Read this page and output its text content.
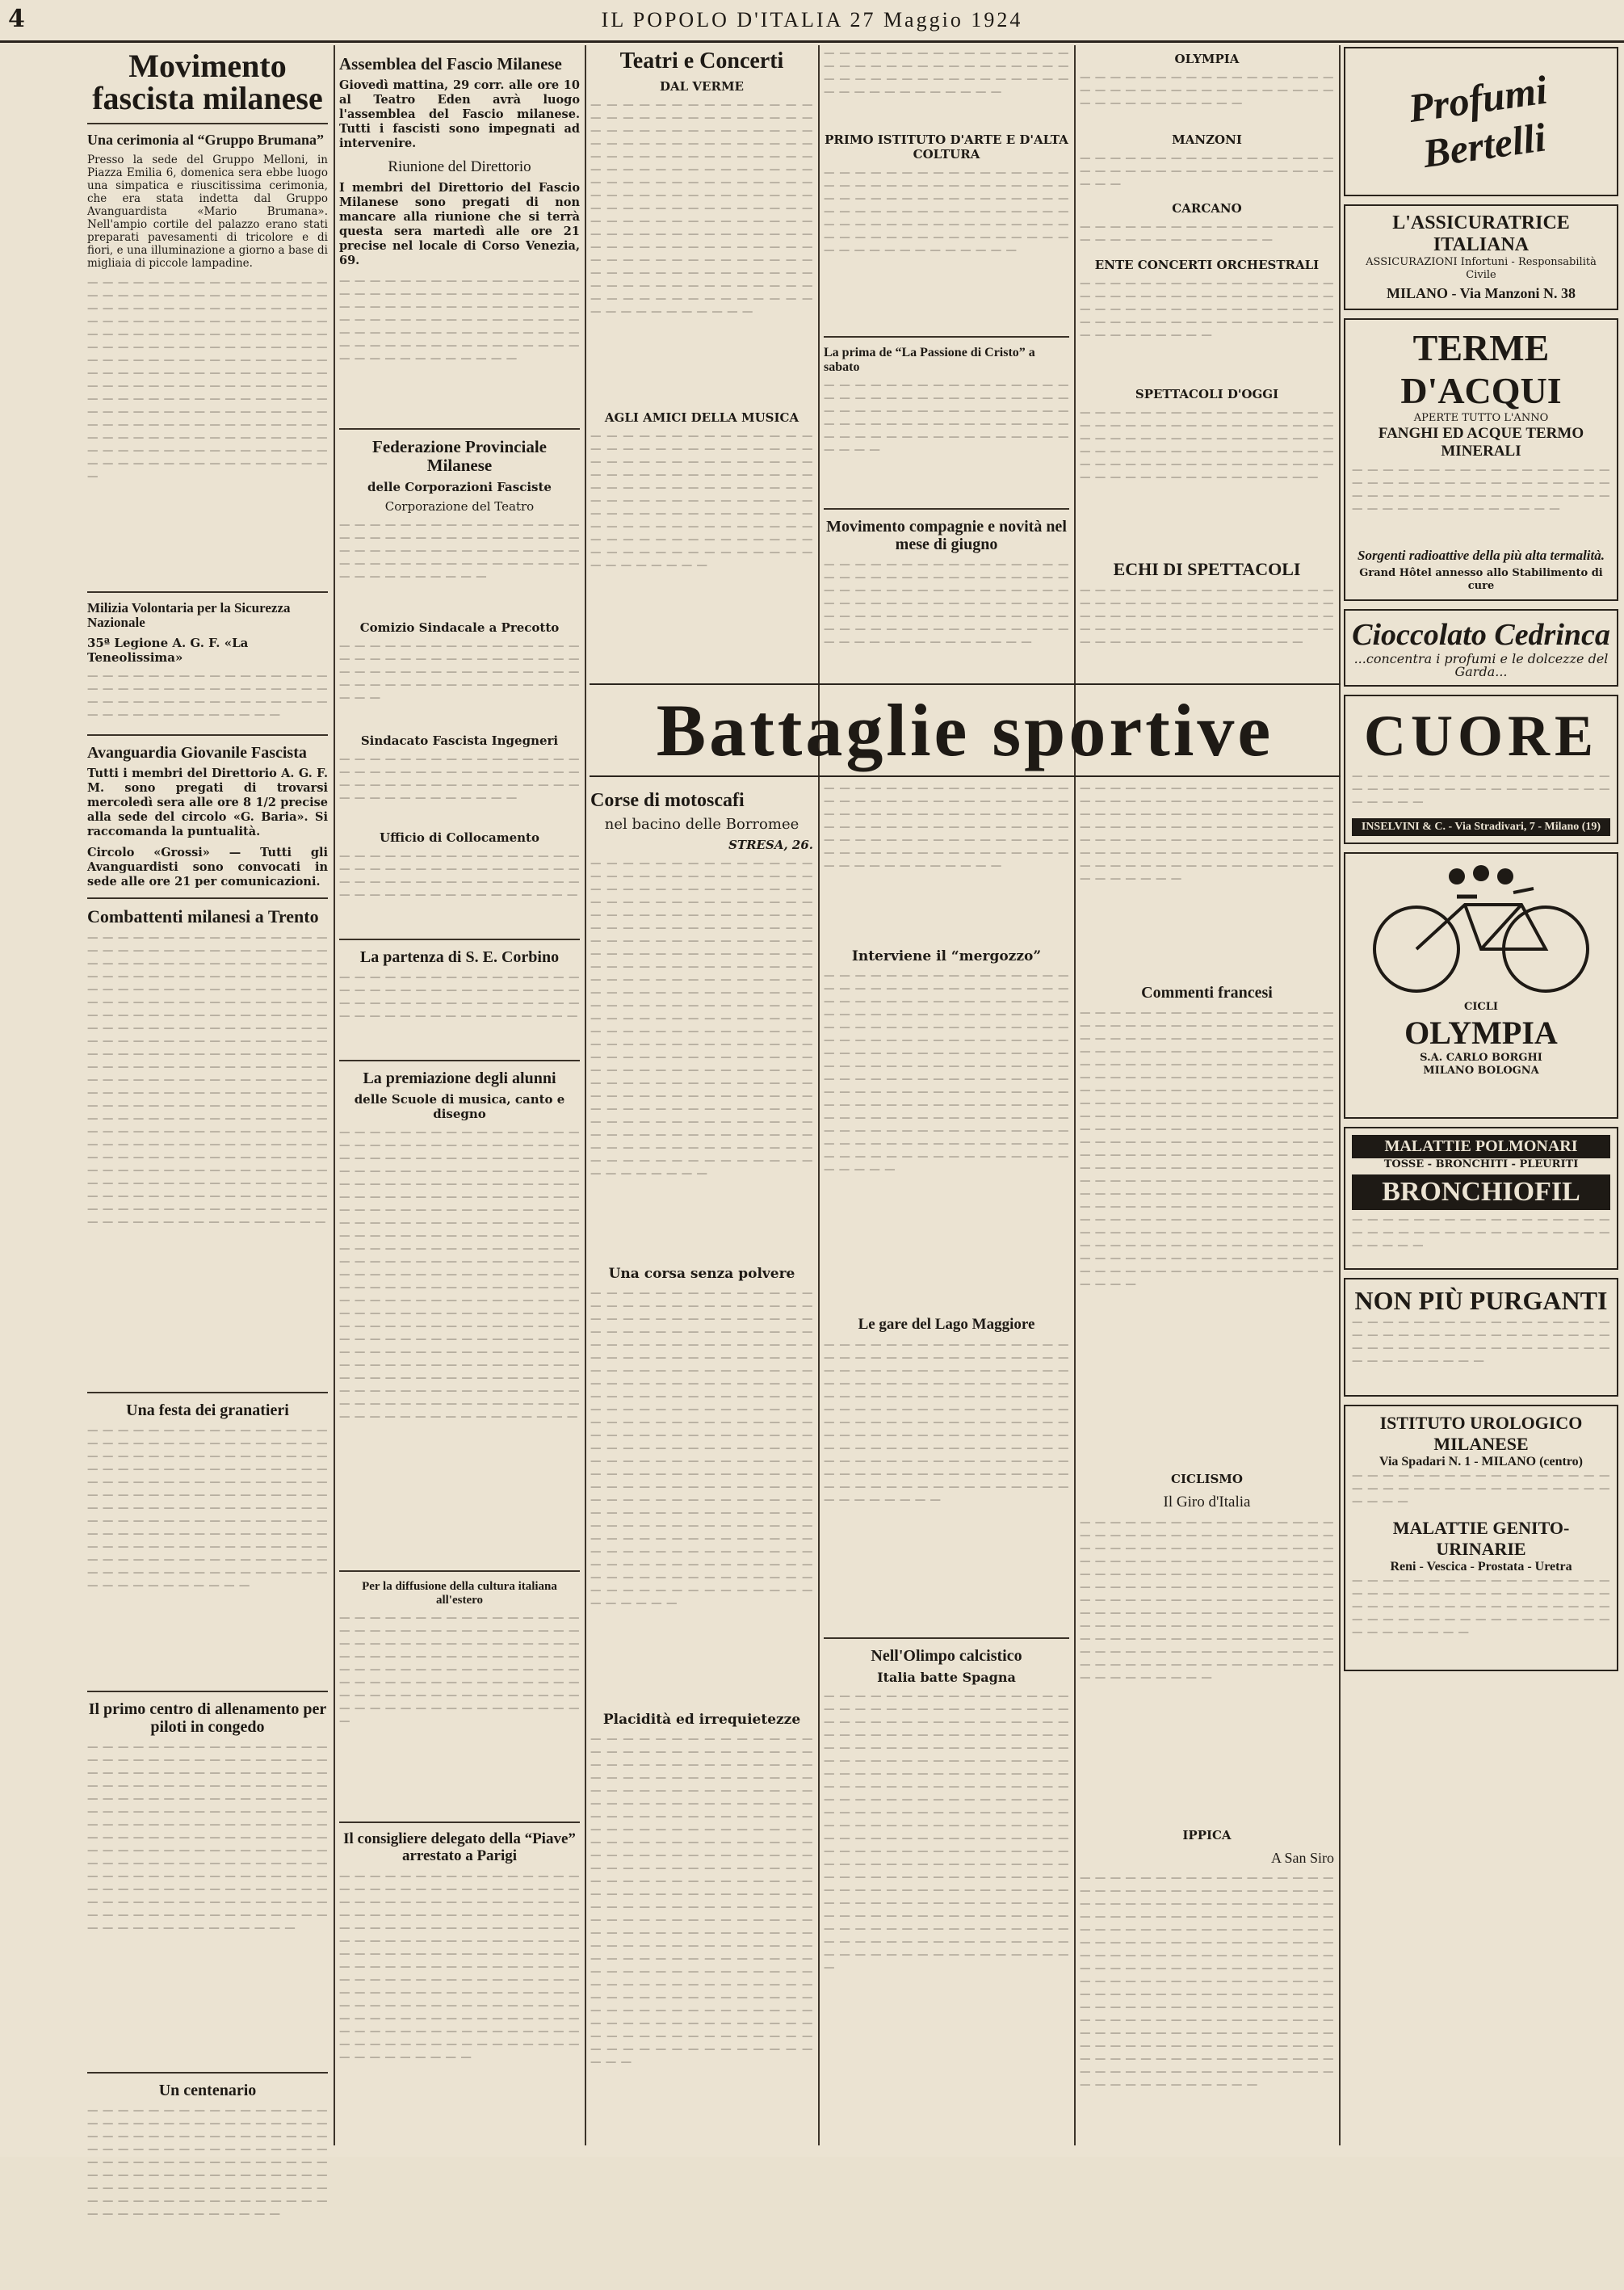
4	IL POPOLO D'ITALIA 27 Maggio 1924
Movimento fascista milanese
Una cerimonia al “Gruppo Brumana”

Presso la sede del Gruppo Melloni, in Piazza Emilia 6, domenica sera ebbe luogo una simpatica e riuscitissima cerimonia, che era stata indetta dal Gruppo Avanguardista «Mario Brumana». Nell'ampio cortile del palazzo erano stati preparati pavesamenti di tricolore e di fiori, e una illuminazione a giorno a base di migliaia di piccole lampadine.

— — — — — — — — — — — — — — — — — — — — — — — — — — — — — — — — — — — — — — — — — — — — — — — — — — — — — — — — — — — — — — — — — — — — — — — — — — — — — — — — — — — — — — — — — — — — — — — — — — — — — — — — — — — — — — — — — — — — — — — — — — — — — — — — — — — — — — — — — — — — — — — — — — — — — — — — — — — — — — — — — — — — — — — — — — — — — — — — — — — — — — — — — — — — — — — — — — — — — — — — — — — — — — — — — — — — — — — — — — — — — — — — — — — — — — — — — — — — — — — — —
Milizia Volontaria per la Sicurezza Nazionale
35ª Legione A. G. F. «La Teneolissima»
— — — — — — — — — — — — — — — — — — — — — — — — — — — — — — — — — — — — — — — — — — — — — — — — — — — — — — — — — — — — —
Avanguardia Giovanile Fascista

Tutti i membri del Direttorio A. G. F. M. sono pregati di trovarsi mercoledì sera alle ore 8 1/2 precise alla sede del circolo «G. Baria». Si raccomanda la puntualità.

Circolo «Grossi» — Tutti gli Avanguardisti sono convocati in sede alle ore 21 per comunicazioni.

Combattenti milanesi a Trento
— — — — — — — — — — — — — — — — — — — — — — — — — — — — — — — — — — — — — — — — — — — — — — — — — — — — — — — — — — — — — — — — — — — — — — — — — — — — — — — — — — — — — — — — — — — — — — — — — — — — — — — — — — — — — — — — — — — — — — — — — — — — — — — — — — — — — — — — — — — — — — — — — — — — — — — — — — — — — — — — — — — — — — — — — — — — — — — — — — — — — — — — — — — — — — — — — — — — — — — — — — — — — — — — — — — — — — — — — — — — — — — — — — — — — — — — — — — — — — — — — — — — — — — — — — — — — — — — — — — — — — — — — — — — — — — — — — — — — — — — — — — — — — — — — — — — — — — — — — — — — — — — — — — — — — — — — — — — — — — — — — — — — — — — — — — — — — — — — — — — — — — — — — — — — — — — — — — — — — — — — — — — — — — —
Una festa dei granatieri
— — — — — — — — — — — — — — — — — — — — — — — — — — — — — — — — — — — — — — — — — — — — — — — — — — — — — — — — — — — — — — — — — — — — — — — — — — — — — — — — — — — — — — — — — — — — — — — — — — — — — — — — — — — — — — — — — — — — — — — — — — — — — — — — — — — — — — — — — — — — — — — — — — — — — — — — — — — — — — — — — — — — — — — — — — — — — — — — — — — — — — — — — — — — — — — — — — — — — — — — — — —
Il primo centro di allenamento per piloti in congedo
— — — — — — — — — — — — — — — — — — — — — — — — — — — — — — — — — — — — — — — — — — — — — — — — — — — — — — — — — — — — — — — — — — — — — — — — — — — — — — — — — — — — — — — — — — — — — — — — — — — — — — — — — — — — — — — — — — — — — — — — — — — — — — — — — — — — — — — — — — — — — — — — — — — — — — — — — — — — — — — — — — — — — — — — — — — — — — — — — — — — — — — — — — — — — — — — — — — — — — — — — — — — — — — — — — — — — — — — — — — — — — — — — — — — — — — — — — — — — —
Un centenario
— — — — — — — — — — — — — — — — — — — — — — — — — — — — — — — — — — — — — — — — — — — — — — — — — — — — — — — — — — — — — — — — — — — — — — — — — — — — — — — — — — — — — — — — — — — — — — — — — — — — — — — — — — — — — — — — — — — — — — — — — — — — — — — — — — — — — — — — — — — — —
Assemblea del Fascio Milanese

Giovedì mattina, 29 corr. alle ore 10 al Teatro Eden avrà luogo l'assemblea del Fascio milanese. Tutti i fascisti sono impegnati ad intervenire.

Riunione del Direttorio

I membri del Direttorio del Fascio Milanese sono pregati di non mancare alla riunione che si terrà questa sera martedì alle ore 21 precise nel locale di Corso Venezia, 69.

— — — — — — — — — — — — — — — — — — — — — — — — — — — — — — — — — — — — — — — — — — — — — — — — — — — — — — — — — — — — — — — — — — — — — — — — — — — — — — — — — — — — — — — — — — — — — — — — — — — — — — — — — — — —
Federazione Provinciale Milanese
delle Corporazioni Fasciste
Corporazione del Teatro
— — — — — — — — — — — — — — — — — — — — — — — — — — — — — — — — — — — — — — — — — — — — — — — — — — — — — — — — — — — — — — — — — — — — — — — — — —
Comizio Sindacale a Precotto
— — — — — — — — — — — — — — — — — — — — — — — — — — — — — — — — — — — — — — — — — — — — — — — — — — — — — — — — — — — — — — — — — — —
Sindacato Fascista Ingegneri
— — — — — — — — — — — — — — — — — — — — — — — — — — — — — — — — — — — — — — — — — — — — — — — — — — — — — — — — — — — —
Ufficio di Collocamento
— — — — — — — — — — — — — — — — — — — — — — — — — — — — — — — — — — — — — — — — — — — — — — — — — — — — — — — — — — — — — — — —
La partenza di S. E. Corbino
— — — — — — — — — — — — — — — — — — — — — — — — — — — — — — — — — — — — — — — — — — — — — — — — — — — — — — — — — — — — — — — —
La premiazione degli alunni
delle Scuole di musica, canto e disegno
— — — — — — — — — — — — — — — — — — — — — — — — — — — — — — — — — — — — — — — — — — — — — — — — — — — — — — — — — — — — — — — — — — — — — — — — — — — — — — — — — — — — — — — — — — — — — — — — — — — — — — — — — — — — — — — — — — — — — — — — — — — — — — — — — — — — — — — — — — — — — — — — — — — — — — — — — — — — — — — — — — — — — — — — — — — — — — — — — — — — — — — — — — — — — — — — — — — — — — — — — — — — — — — — — — — — — — — — — — — — — — — — — — — — — — — — — — — — — — — — — — — — — — — — — — — — — — — — — — — — — — — — — — — — — — — — — — — — — — — — — — — — — — — — — — — — — — — — — — — — — — — — — — — — — — — — — — — — — — — — — — — — — — — — — — — — — — — — — — — — — — — — — — — — — — — — — — — — — — — — — — — — — — — —
Per la diffusione della cultura italiana all'estero
— — — — — — — — — — — — — — — — — — — — — — — — — — — — — — — — — — — — — — — — — — — — — — — — — — — — — — — — — — — — — — — — — — — — — — — — — — — — — — — — — — — — — — — — — — — — — — — — — — — — — — — — — — — — — — — — — — — — — — — — — — — — — — — — —
Il consigliere delegato della “Piave” arrestato a Parigi
— — — — — — — — — — — — — — — — — — — — — — — — — — — — — — — — — — — — — — — — — — — — — — — — — — — — — — — — — — — — — — — — — — — — — — — — — — — — — — — — — — — — — — — — — — — — — — — — — — — — — — — — — — — — — — — — — — — — — — — — — — — — — — — — — — — — — — — — — — — — — — — — — — — — — — — — — — — — — — — — — — — — — — — — — — — — — — — — — — — — — — — — — — — — — — — — — — — — — — — — — — — — — — — — — — — — — — — — — — — — — — — — — — — — — — — — —
Teatri e Concerti
DAL VERME
— — — — — — — — — — — — — — — — — — — — — — — — — — — — — — — — — — — — — — — — — — — — — — — — — — — — — — — — — — — — — — — — — — — — — — — — — — — — — — — — — — — — — — — — — — — — — — — — — — — — — — — — — — — — — — — — — — — — — — — — — — — — — — — — — — — — — — — — — — — — — — — — — — — — — — — — — — — — — — — — — — — — — — — — — — — — — — — — — — — — — — — — — — — — — — — — — — — — — — — — — — — — — — — — — — — — — — — — — — — — — — — — — — — — — — — — — — —
AGLI AMICI DELLA MUSICA
— — — — — — — — — — — — — — — — — — — — — — — — — — — — — — — — — — — — — — — — — — — — — — — — — — — — — — — — — — — — — — — — — — — — — — — — — — — — — — — — — — — — — — — — — — — — — — — — — — — — — — — — — — — — — — — — — — — — — — — — — — — — — — — — — — — — — — — — — — — — — — — — — — — —
— — — — — — — — — — — — — — — — — — — — — — — — — — — — — — — — — — — — — — — — — — — — — — — — — — — — — — — — — — — —
PRIMO ISTITUTO D'ARTE E D'ALTA COLTURA
— — — — — — — — — — — — — — — — — — — — — — — — — — — — — — — — — — — — — — — — — — — — — — — — — — — — — — — — — — — — — — — — — — — — — — — — — — — — — — — — — — — — — — — — — — — — — — — — — — — — — — — — — — — — —
La prima de “La Passione di Cristo” a sabato
— — — — — — — — — — — — — — — — — — — — — — — — — — — — — — — — — — — — — — — — — — — — — — — — — — — — — — — — — — — — — — — — — — — — — — — — — — — — — — — — — — — —
Movimento compagnie e novità nel mese di giugno
— — — — — — — — — — — — — — — — — — — — — — — — — — — — — — — — — — — — — — — — — — — — — — — — — — — — — — — — — — — — — — — — — — — — — — — — — — — — — — — — — — — — — — — — — — — — — — — — — — — — — — — — — — — — — —
OLYMPIA
— — — — — — — — — — — — — — — — — — — — — — — — — — — — — — — — — — — — — — — — — — — — —
MANZONI
— — — — — — — — — — — — — — — — — — — — — — — — — — — — — — — — — — — — —
CARCANO
— — — — — — — — — — — — — — — — — — — — — — — — — — — — — —
ENTE CONCERTI ORCHESTRALI
— — — — — — — — — — — — — — — — — — — — — — — — — — — — — — — — — — — — — — — — — — — — — — — — — — — — — — — — — — — — — — — — — — — — — — — — — — — — —
SPETTACOLI D'OGGI
— — — — — — — — — — — — — — — — — — — — — — — — — — — — — — — — — — — — — — — — — — — — — — — — — — — — — — — — — — — — — — — — — — — — — — — — — — — — — — — — — — — — — — — — — — — — — — — — — — — — —
ECHI DI SPETTACOLI
— — — — — — — — — — — — — — — — — — — — — — — — — — — — — — — — — — — — — — — — — — — — — — — — — — — — — — — — — — — — — — — — — — — — — — — — — — — — — — — — — — —
Battaglie sportive
Corse di motoscafi
nel bacino delle Borromee
STRESA, 26.
— — — — — — — — — — — — — — — — — — — — — — — — — — — — — — — — — — — — — — — — — — — — — — — — — — — — — — — — — — — — — — — — — — — — — — — — — — — — — — — — — — — — — — — — — — — — — — — — — — — — — — — — — — — — — — — — — — — — — — — — — — — — — — — — — — — — — — — — — — — — — — — — — — — — — — — — — — — — — — — — — — — — — — — — — — — — — — — — — — — — — — — — — — — — — — — — — — — — — — — — — — — — — — — — — — — — — — — — — — — — — — — — — — — — — — — — — — — — — — — — — — — — — — — — — — — — — — — — — — — — — — — — — — — — — — — — — — — — — — — — — — — — — — — — — — — — — — — — — — — — — — — — — — — — — — — — — — — — — — — — — — — — — — — — — — — — — — — — — — — — — — — —
Una corsa senza polvere
— — — — — — — — — — — — — — — — — — — — — — — — — — — — — — — — — — — — — — — — — — — — — — — — — — — — — — — — — — — — — — — — — — — — — — — — — — — — — — — — — — — — — — — — — — — — — — — — — — — — — — — — — — — — — — — — — — — — — — — — — — — — — — — — — — — — — — — — — — — — — — — — — — — — — — — — — — — — — — — — — — — — — — — — — — — — — — — — — — — — — — — — — — — — — — — — — — — — — — — — — — — — — — — — — — — — — — — — — — — — — — — — — — — — — — — — — — — — — — — — — — — — — — — — — — — — — — — — — — — — — — — — — — — — — — — — — — — — — — — — — — — — — — — — — — — — — — — — — — — — — — — — — — — — — — — — — — — — — — — — — — — — — — — — — — — — — — — — — — — — — —
Placidità ed irrequietezze
— — — — — — — — — — — — — — — — — — — — — — — — — — — — — — — — — — — — — — — — — — — — — — — — — — — — — — — — — — — — — — — — — — — — — — — — — — — — — — — — — — — — — — — — — — — — — — — — — — — — — — — — — — — — — — — — — — — — — — — — — — — — — — — — — — — — — — — — — — — — — — — — — — — — — — — — — — — — — — — — — — — — — — — — — — — — — — — — — — — — — — — — — — — — — — — — — — — — — — — — — — — — — — — — — — — — — — — — — — — — — — — — — — — — — — — — — — — — — — — — — — — — — — — — — — — — — — — — — — — — — — — — — — — — — — — — — — — — — — — — — — — — — — — — — — — — — — — — — — — — — — — — — — — — — — — — — — — — — — — — — — — — — — — — — — — — — — — — — — — — — — — — — — — — — — — — —
— — — — — — — — — — — — — — — — — — — — — — — — — — — — — — — — — — — — — — — — — — — — — — — — — — — — — — — — — — — — — — — — — — — — — — — — — — — — — — — — — — — — — — — — — — — — — — — — — — — — — — — — — — — —
Interviene il “mergozzo”
— — — — — — — — — — — — — — — — — — — — — — — — — — — — — — — — — — — — — — — — — — — — — — — — — — — — — — — — — — — — — — — — — — — — — — — — — — — — — — — — — — — — — — — — — — — — — — — — — — — — — — — — — — — — — — — — — — — — — — — — — — — — — — — — — — — — — — — — — — — — — — — — — — — — — — — — — — — — — — — — — — — — — — — — — — — — — — — — — — — — — — — — — — — — — — — — — — — — — — — — — — — — — — — — — — — — — — — — — — — — — — — — — — — — — — — — — — — — — — — — — — — — —
Le gare del Lago Maggiore
— — — — — — — — — — — — — — — — — — — — — — — — — — — — — — — — — — — — — — — — — — — — — — — — — — — — — — — — — — — — — — — — — — — — — — — — — — — — — — — — — — — — — — — — — — — — — — — — — — — — — — — — — — — — — — — — — — — — — — — — — — — — — — — — — — — — — — — — — — — — — — — — — — — — — — — — — — — — — — — — — — — — — — — — — — — — — — — — — — — — — — — — — — — — — — — — — — — — — — — —
Nell'Olimpo calcistico
Italia batte Spagna
— — — — — — — — — — — — — — — — — — — — — — — — — — — — — — — — — — — — — — — — — — — — — — — — — — — — — — — — — — — — — — — — — — — — — — — — — — — — — — — — — — — — — — — — — — — — — — — — — — — — — — — — — — — — — — — — — — — — — — — — — — — — — — — — — — — — — — — — — — — — — — — — — — — — — — — — — — — — — — — — — — — — — — — — — — — — — — — — — — — — — — — — — — — — — — — — — — — — — — — — — — — — — — — — — — — — — — — — — — — — — — — — — — — — — — — — — — — — — — — — — — — — — — — — — — — — — — — — — — — — — — — — — — — — — — — — — — — — — — — — — — — — — — — — — — — — — — — — — — — — — — — — — — — — — — — — — — — — — — — — — — — — — — — — — — — — — — — — —
— — — — — — — — — — — — — — — — — — — — — — — — — — — — — — — — — — — — — — — — — — — — — — — — — — — — — — — — — — — — — — — — — — — — — — — — — — — — — — — — — — — — — — — — — — — — — — — — — — — — — — — — — — — — — — — — — — — — — — — — — — — — — —
Commenti francesi
— — — — — — — — — — — — — — — — — — — — — — — — — — — — — — — — — — — — — — — — — — — — — — — — — — — — — — — — — — — — — — — — — — — — — — — — — — — — — — — — — — — — — — — — — — — — — — — — — — — — — — — — — — — — — — — — — — — — — — — — — — — — — — — — — — — — — — — — — — — — — — — — — — — — — — — — — — — — — — — — — — — — — — — — — — — — — — — — — — — — — — — — — — — — — — — — — — — — — — — — — — — — — — — — — — — — — — — — — — — — — — — — — — — — — — — — — — — — — — — — — — — — — — — — — — — — — — — — — — — — — — — — — — — — — — — — — — — — — — — — — — — — — — — — — — — — — — — — — — — — — — — — — — — — — — — — — — — — — — — — — — — — — — — — — — — — — — — — — — — — — — — — — — — — — — — — — — — — — — — — —
CICLISMO
Il Giro d'Italia
— — — — — — — — — — — — — — — — — — — — — — — — — — — — — — — — — — — — — — — — — — — — — — — — — — — — — — — — — — — — — — — — — — — — — — — — — — — — — — — — — — — — — — — — — — — — — — — — — — — — — — — — — — — — — — — — — — — — — — — — — — — — — — — — — — — — — — — — — — — — — — — — — — — — — — — — — — — — — — — — — — — — — — — — — — — — — — — — — — — — — — — — — — — — — — — — — — — — — — — — — — — — — — — — — — — — —
IPPICA
A San Siro
— — — — — — — — — — — — — — — — — — — — — — — — — — — — — — — — — — — — — — — — — — — — — — — — — — — — — — — — — — — — — — — — — — — — — — — — — — — — — — — — — — — — — — — — — — — — — — — — — — — — — — — — — — — — — — — — — — — — — — — — — — — — — — — — — — — — — — — — — — — — — — — — — — — — — — — — — — — — — — — — — — — — — — — — — — — — — — — — — — — — — — — — — — — — — — — — — — — — — — — — — — — — — — — — — — — — — — — — — — — — — — — — — — — — — — — — — — — — — — — — — — — — — — — — — — — — — — — — — — — — — — — — — — — — — — — — — — — — — — — — — — — —
Profumi Bertelli
L'ASSICURATRICE ITALIANA
ASSICURAZIONI Infortuni - Responsabilità Civile
MILANO - Via Manzoni N. 38
TERME D'ACQUI
APERTE TUTTO L'ANNO
FANGHI ED ACQUE TERMO MINERALI
— — — — — — — — — — — — — — — — — — — — — — — — — — — — — — — — — — — — — — — — — — — — — — — — — — — — — — — — — — — — — — — — —
Sorgenti radioattive della più alta termalità.
Grand Hôtel annesso allo Stabilimento di cure
Cioccolato Cedrinca
...concentra i profumi e le dolcezze del Garda...
CUORE
— — — — — — — — — — — — — — — — — — — — — — — — — — — — — — — — — — — — — — —
INSELVINI & C. - Via Stradivari, 7 - Milano (19)
CICLI
OLYMPIA
S.A. CARLO BORGHI
MILANO BOLOGNA
MALATTIE POLMONARI
TOSSE - BRONCHITI - PLEURITI
BRONCHIOFIL
— — — — — — — — — — — — — — — — — — — — — — — — — — — — — — — — — — — — — — —
NON PIÙ PURGANTI
— — — — — — — — — — — — — — — — — — — — — — — — — — — — — — — — — — — — — — — — — — — — — — — — — — — — — — — — — — — —
ISTITUTO UROLOGICO MILANESE
Via Spadari N. 1 - MILANO (centro)
— — — — — — — — — — — — — — — — — — — — — — — — — — — — — — — — — — — — — —
MALATTIE GENITO-URINARIE
Reni - Vescica - Prostata - Uretra
— — — — — — — — — — — — — — — — — — — — — — — — — — — — — — — — — — — — — — — — — — — — — — — — — — — — — — — — — — — — — — — — — — — — — — — — — — — —
